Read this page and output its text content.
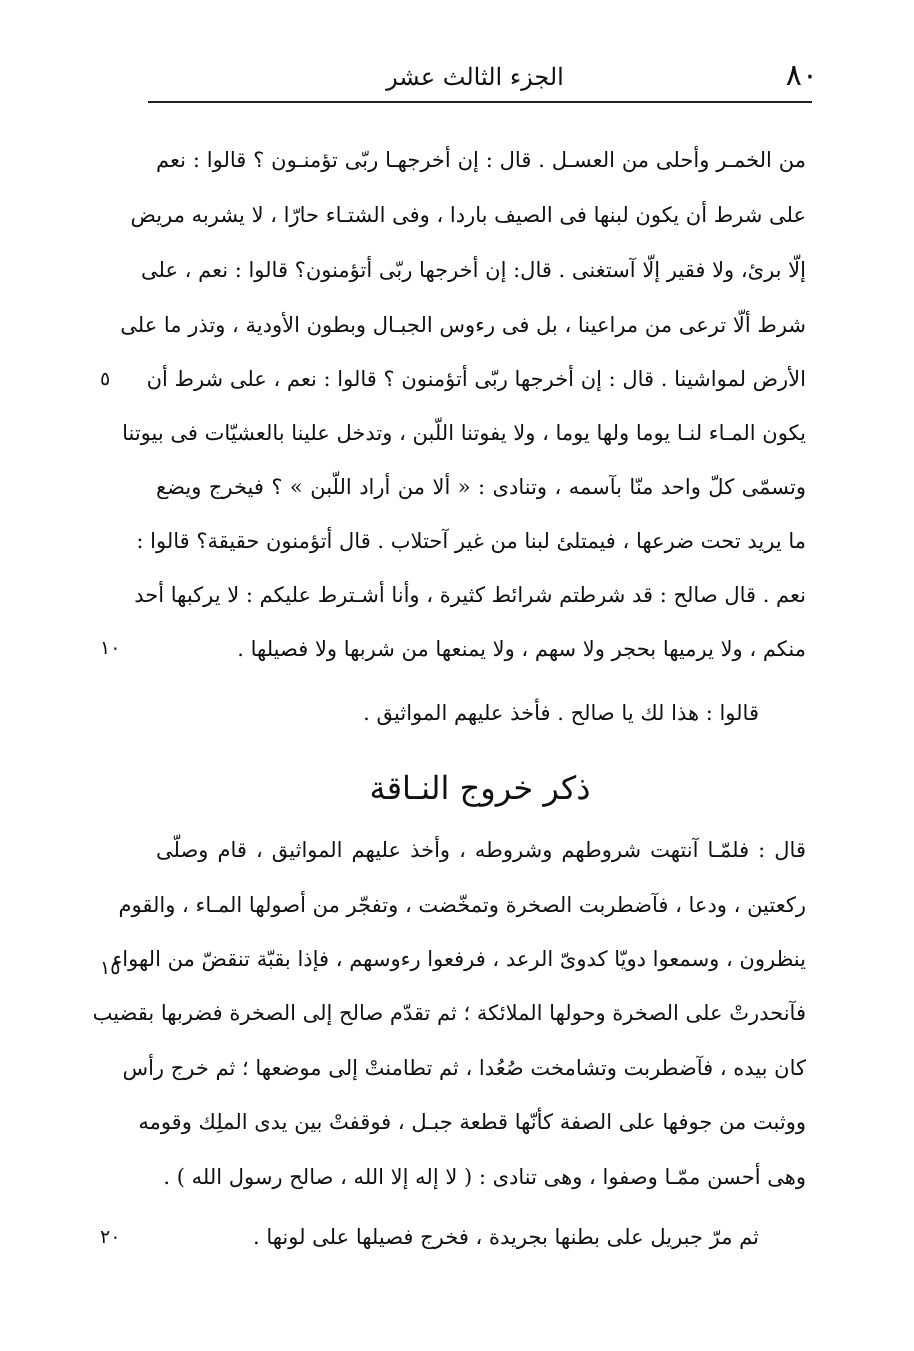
٨٠
الجزء الثالث عشر
من الخمـر وأحلى من العسـل . قال : إن أخرجهـا ربّى تؤمنـون ؟ قالوا : نعم
على شرط أن يكون لبنها فى الصيف باردا ، وفى الشتـاء حارّا ، لا يشربه مريض
إلّا برئ، ولا فقير إلّا آستغنى . قال: إن أخرجها ربّى أتؤمنون؟ قالوا : نعم ، على
شرط ألّا ترعى من مراعينا ، بل فى رءوس الجبـال وبطون الأودية ، وتذر ما على
الأرض لمواشينا . قال : إن أخرجها ربّى أتؤمنون ؟ قالوا : نعم ، على شرط أن
يكون المـاء لنـا يوما ولها يوما ، ولا يفوتنا اللّبن ، وتدخل علينا بالعشيّات فى بيوتنا
وتسمّى كلّ واحد منّا بآسمه ، وتنادى : « ألا من أراد اللّبن » ؟ فيخرج ويضع
ما يريد تحت ضرعها ، فيمتلئ لبنا من غير آحتلاب . قال أتؤمنون حقيقة؟ قالوا :
نعم . قال صالح : قد شرطتم شرائط كثيرة ، وأنا أشـترط عليكم : لا يركبها أحد
منكم ، ولا يرميها بحجر ولا سهم ، ولا يمنعها من شربها ولا فصيلها .
قالوا : هذا لك يا صالح . فأخذ عليهم المواثيق .
ذكر خروج النـاقة
قال : فلمّـا آنتهت شروطهم وشروطه ، وأخذ عليهم المواثيق ، قام وصلّى
ركعتين ، ودعا ، فآضطربت الصخرة وتمخّضت ، وتفجّر من أصولها المـاء ، والقوم
ينظرون ، وسمعوا دويّا كدوىّ الرعد ، فرفعوا رءوسهم ، فإذا بقبّة تنقضّ من الهواء
فآنحدرتْ على الصخرة وحولها الملائكة ؛ ثم تقدّم صالح إلى الصخرة فضربها بقضيب
كان بيده ، فآضطربت وتشامخت صُعُدا ، ثم تطامنتْ إلى موضعها ؛ ثم خرج رأس
ووثبت من جوفها على الصفة كأنّها قطعة جبـل ، فوقفتْ بين يدى الملِك وقومه
وهى أحسن ممّـا وصفوا ، وهى تنادى : ( لا إله إلا الله ، صالح رسول الله ) .
ثم مرّ جبريل على بطنها بجريدة ، فخرج فصيلها على لونها .
٥
١٠
١٥
٢٠
